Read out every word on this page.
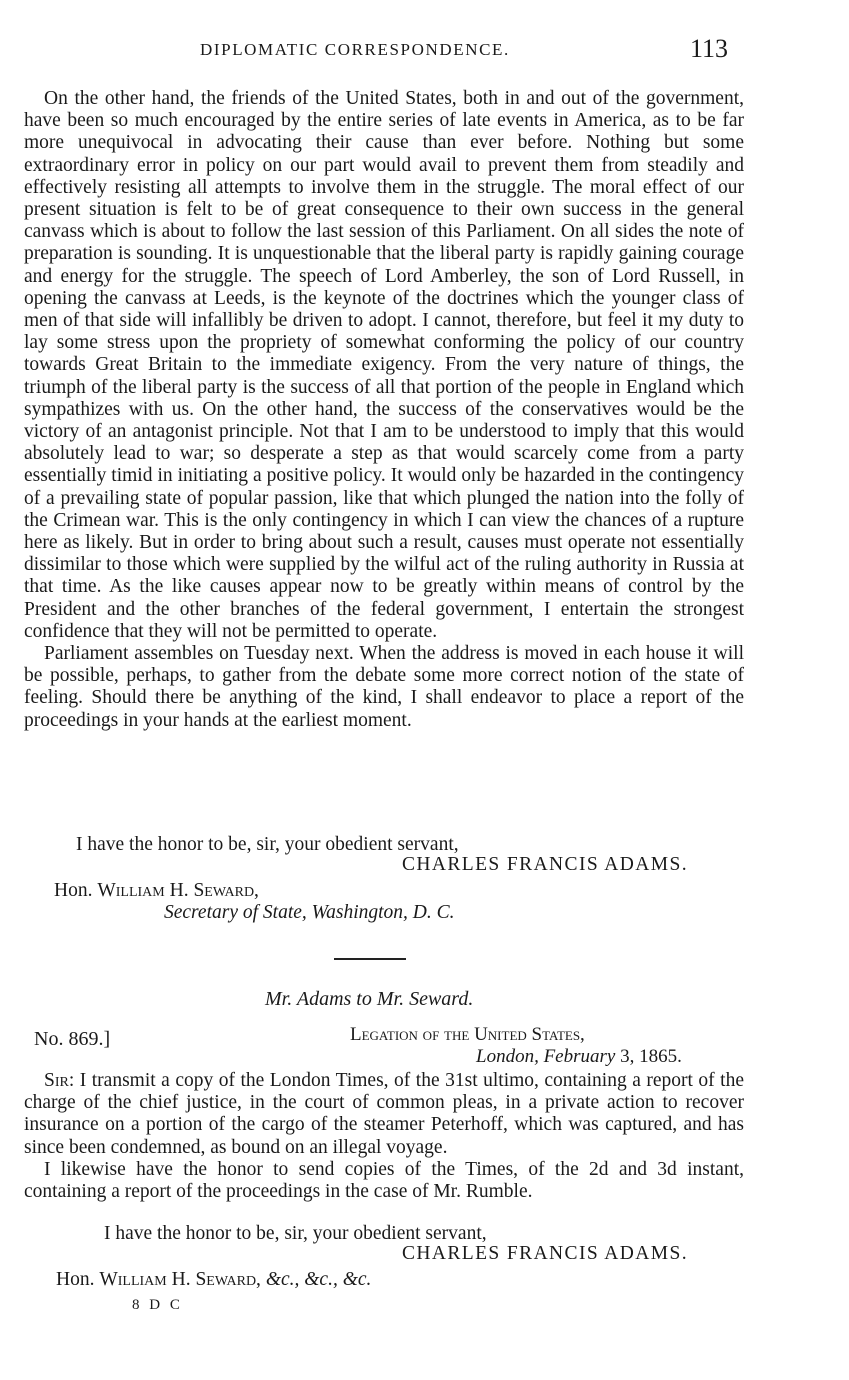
DIPLOMATIC CORRESPONDENCE.	113

On the other hand, the friends of the United States, both in and out of the government, have been so much encouraged by the entire series of late events in America, as to be far more unequivocal in advocating their cause than ever before. Nothing but some extraordinary error in policy on our part would avail to prevent them from steadily and effectively resisting all attempts to involve them in the struggle. The moral effect of our present situation is felt to be of great consequence to their own success in the general canvass which is about to follow the last session of this Parliament. On all sides the note of preparation is sounding. It is unquestionable that the liberal party is rapidly gaining courage and energy for the struggle. The speech of Lord Amberley, the son of Lord Russell, in opening the canvass at Leeds, is the keynote of the doctrines which the younger class of men of that side will infallibly be driven to adopt. I cannot, therefore, but feel it my duty to lay some stress upon the propriety of somewhat conforming the policy of our country towards Great Britain to the immediate exigency. From the very nature of things, the triumph of the liberal party is the success of all that portion of the people in England which sympathizes with us. On the other hand, the success of the conservatives would be the victory of an antagonist principle. Not that I am to be understood to imply that this would absolutely lead to war; so desperate a step as that would scarcely come from a party essentially timid in initiating a positive policy. It would only be hazarded in the contingency of a prevailing state of popular passion, like that which plunged the nation into the folly of the Crimean war. This is the only contingency in which I can view the chances of a rupture here as likely. But in order to bring about such a result, causes must operate not essentially dissimilar to those which were supplied by the wilful act of the ruling authority in Russia at that time. As the like causes appear now to be greatly within means of control by the President and the other branches of the federal government, I entertain the strongest confidence that they will not be permitted to operate.

Parliament assembles on Tuesday next. When the address is moved in each house it will be possible, perhaps, to gather from the debate some more correct notion of the state of feeling. Should there be anything of the kind, I shall endeavor to place a report of the proceedings in your hands at the earliest moment.

I have the honor to be, sir, your obedient servant,
CHARLES FRANCIS ADAMS.
Hon. William H. Seward,
Secretary of State, Washington, D. C.
Mr. Adams to Mr. Seward.
No. 869.]	Legation of the United States,
London, February 3, 1865.

Sir: I transmit a copy of the London Times, of the 31st ultimo, containing a report of the charge of the chief justice, in the court of common pleas, in a private action to recover insurance on a portion of the cargo of the steamer Peterhoff, which was captured, and has since been condemned, as bound on an illegal voyage.

I likewise have the honor to send copies of the Times, of the 2d and 3d instant, containing a report of the proceedings in the case of Mr. Rumble.

I have the honor to be, sir, your obedient servant,
CHARLES FRANCIS ADAMS.
Hon. William H. Seward, &c., &c., &c.
8 D C
